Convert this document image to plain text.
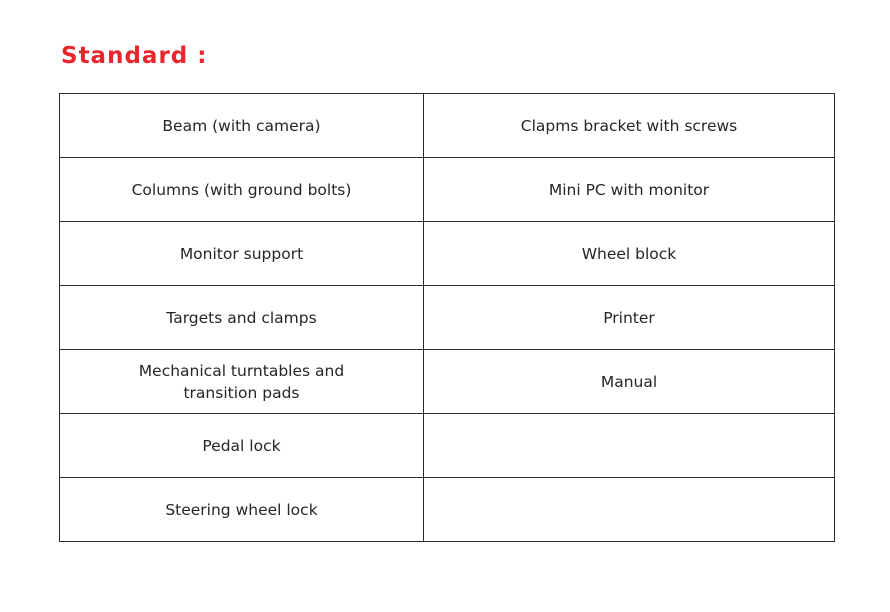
Standard :
Beam (with camera)	Clapms bracket with screws
Columns (with ground bolts)	Mini PC with monitor
Monitor support	Wheel block
Targets and clamps	Printer
Mechanical turntables and
transition pads	Manual
Pedal lock	
Steering wheel lock	
